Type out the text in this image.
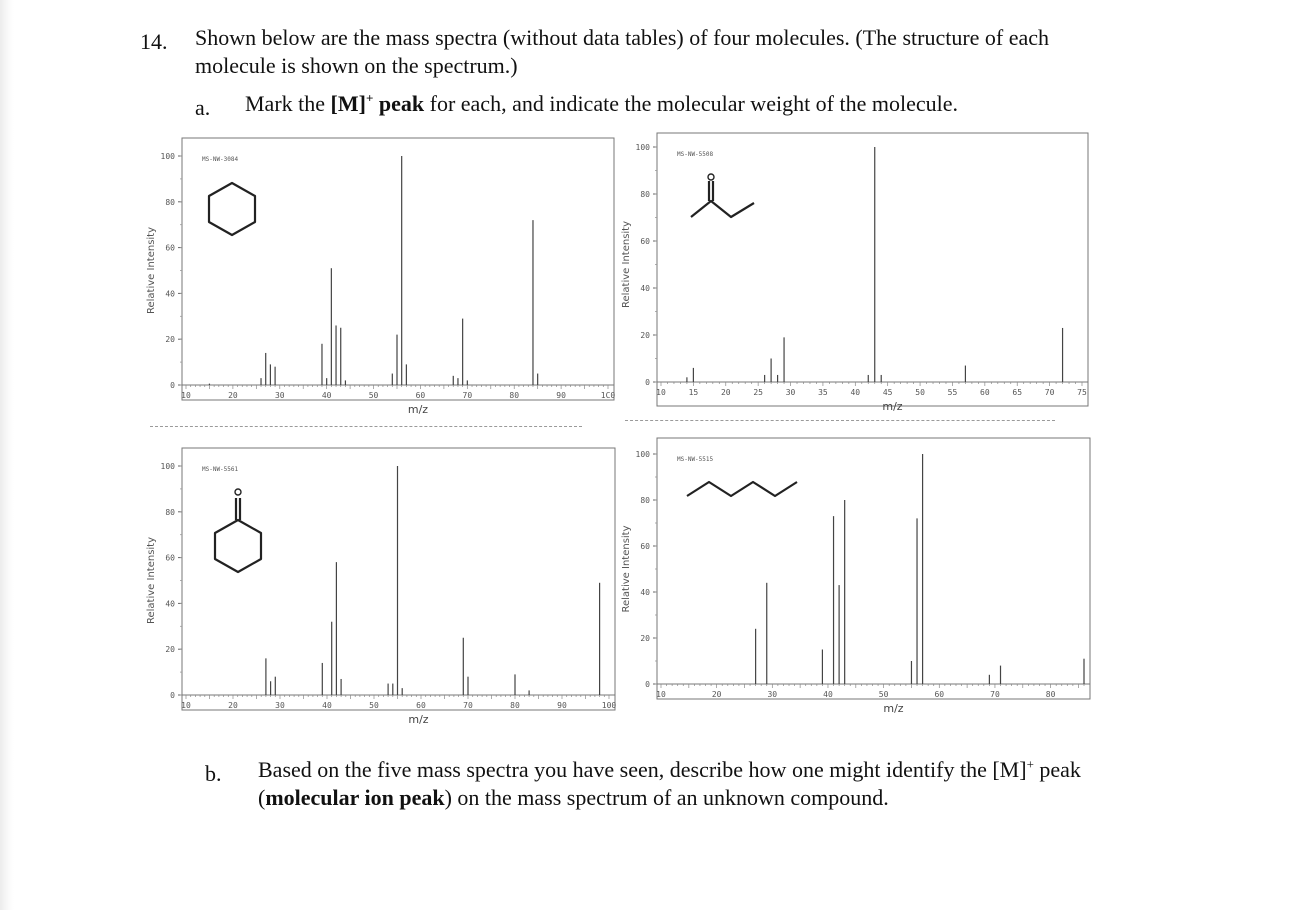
14. Shown below are the mass spectra (without data tables) of four molecules. (The structure of each molecule is shown on the spectrum.)
a. Mark the [M]+ peak for each, and indicate the molecular weight of the molecule.
b. Based on the five mass spectra you have seen, describe how one might identify the [M]+ peak (molecular ion peak) on the mass spectrum of an unknown compound.
0
20
40
60
80
100
10	20	30	40	50	60	70	80	90	1C0
m/z
Relative Intensity
MS-NW-3084
0
20
40
60
80
100
10	15	20	25	30	35	40	45	50	55	60	65	70	75
m/z
Relative Intensity
MS-NW-5508
0
20
40
60
80
100
10	20	30	40	50	60	70	80	90	100
m/z
Relative Intensity
MS-NW-5561
0
20
40
60
80
100
10	20	30	40	50	60	70	80
m/z
Relative Intensity
MS-NW-5515
